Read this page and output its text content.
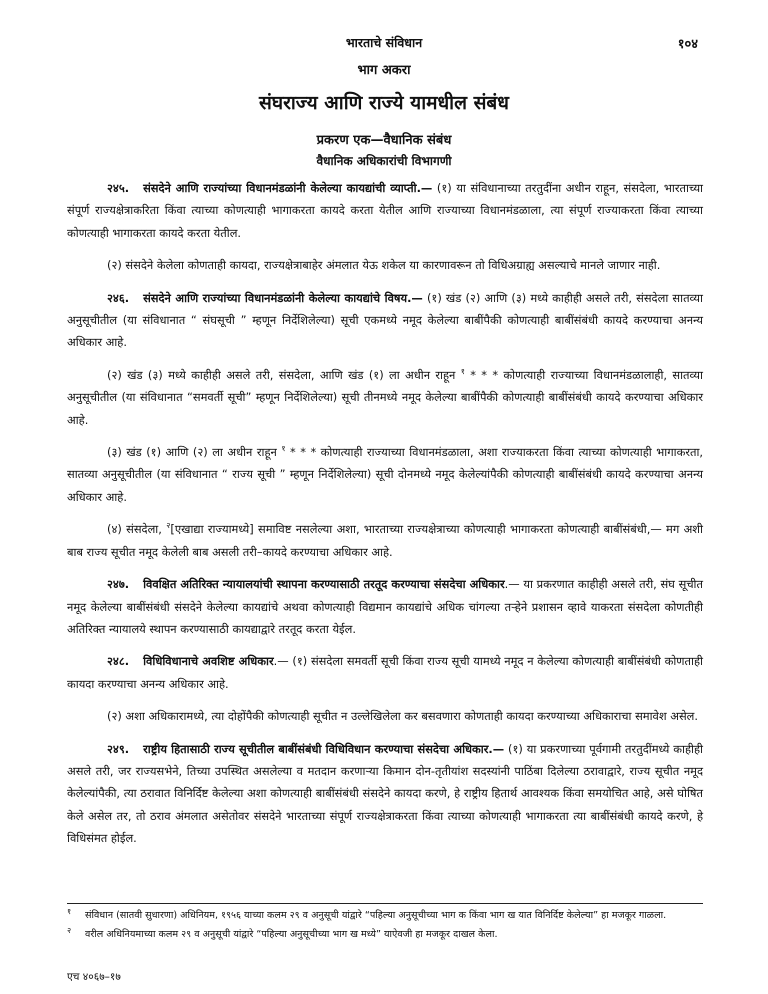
भारताचे संविधान	१०४
भाग अकरा
संघराज्य आणि राज्ये यामधील संबंध
प्रकरण एक—वैधानिक संबंध
वैधानिक अधिकारांची विभागणी

२४५. संसदेने आणि राज्यांच्या विधानमंडळांनी केलेल्या कायद्यांची व्याप्ती.— (१) या संविधानाच्या तरतुदींना अधीन राहून, संसदेला, भारताच्या संपूर्ण राज्यक्षेत्राकरिता किंवा त्याच्या कोणत्याही भागाकरता कायदे करता येतील आणि राज्याच्या विधानमंडळाला, त्या संपूर्ण राज्याकरता किंवा त्याच्या कोणत्याही भागाकरता कायदे करता येतील.

(२) संसदेने केलेला कोणताही कायदा, राज्यक्षेत्राबाहेर अंमलात येऊ शकेल या कारणावरून तो विधिअग्राह्य असल्याचे मानले जाणार नाही.

२४६. संसदेने आणि राज्यांच्या विधानमंडळांनी केलेल्या कायद्यांचे विषय.— (१) खंड (२) आणि (३) मध्ये काहीही असले तरी, संसदेला सातव्या अनुसूचीतील (या संविधानात “ संघसूची ” म्हणून निर्देशिलेल्या) सूची एकमध्ये नमूद केलेल्या बाबींपैकी कोणत्याही बाबींसंबंधी कायदे करण्याचा अनन्य अधिकार आहे.

(२) खंड (३) मध्ये काहीही असले तरी, संसदेला, आणि खंड (१) ला अधीन राहून $^१$ * * * कोणत्याही राज्याच्या विधानमंडळालाही, सातव्या अनुसूचीतील (या संविधानात “समवर्ती सूची” म्हणून निर्देशिलेल्या) सूची तीनमध्ये नमूद केलेल्या बाबींपैकी कोणत्याही बाबींसंबंधी कायदे करण्याचा अधिकार आहे.

(३) खंड (१) आणि (२) ला अधीन राहून $^१$ * * * कोणत्याही राज्याच्या विधानमंडळाला, अशा राज्याकरता किंवा त्याच्या कोणत्याही भागाकरता, सातव्या अनुसूचीतील (या संविधानात “ राज्य सूची ” म्हणून निर्देशिलेल्या) सूची दोनमध्ये नमूद केलेल्यांपैकी कोणत्याही बाबींसंबंधी कायदे करण्याचा अनन्य अधिकार आहे.

(४) संसदेला, $^२$[एखाद्या राज्यामध्ये] समाविष्ट नसलेल्या अशा, भारताच्या राज्यक्षेत्राच्या कोणत्याही भागाकरता कोणत्याही बाबींसंबंधी,— मग अशी बाब राज्य सूचीत नमूद केलेली बाब असली तरी–कायदे करण्याचा अधिकार आहे.

२४७. विवक्षित अतिरिक्त न्यायालयांची स्थापना करण्यासाठी तरतूद करण्याचा संसदेचा अधिकार.— या प्रकरणात काहीही असले तरी, संघ सूचीत नमूद केलेल्या बाबींसंबंधी संसदेने केलेल्या कायद्यांचे अथवा कोणत्याही विद्यमान कायद्यांचे अधिक चांगल्या तऱ्हेने प्रशासन व्हावे याकरता संसदेला कोणतीही अतिरिक्त न्यायालये स्थापन करण्यासाठी कायद्याद्वारे तरतूद करता येईल.

२४८. विधिविधानाचे अवशिष्ट अधिकार.— (१) संसदेला समवर्ती सूची किंवा राज्य सूची यामध्ये नमूद न केलेल्या कोणत्याही बाबींसंबंधी कोणताही कायदा करण्याचा अनन्य अधिकार आहे.

(२) अशा अधिकारामध्ये, त्या दोहोंपैकी कोणत्याही सूचीत न उल्लेखिलेला कर बसवणारा कोणताही कायदा करण्याच्या अधिकाराचा समावेश असेल.

२४९. राष्ट्रीय हितासाठी राज्य सूचीतील बाबींसंबंधी विधिविधान करण्याचा संसदेचा अधिकार.— (१) या प्रकरणाच्या पूर्वगामी तरतुदींमध्ये काहीही असले तरी, जर राज्यसभेने, तिच्या उपस्थित असलेल्या व मतदान करणाऱ्या किमान दोन-तृतीयांश सदस्यांनी पाठिंबा दिलेल्या ठरावाद्वारे, राज्य सूचीत नमूद केलेल्यांपैकी, त्या ठरावात विनिर्दिष्ट केलेल्या अशा कोणत्याही बाबींसंबंधी संसदेने कायदा करणे, हे राष्ट्रीय हितार्थ आवश्यक किंवा समयोचित आहे, असे घोषित केले असेल तर, तो ठराव अंमलात असेतोवर संसदेने भारताच्या संपूर्ण राज्यक्षेत्राकरता किंवा त्याच्या कोणत्याही भागाकरता त्या बाबींसंबंधी कायदे करणे, हे विधिसंमत होईल.

१ संविधान (सातवी सुधारणा) अधिनियम, १९५६ याच्या कलम २९ व अनुसूची यांद्वारे “पहिल्या अनुसूचीच्या भाग क किंवा भाग ख यात विनिर्दिष्ट केलेल्या” हा मजकूर गाळला.

२ वरील अधिनियमाच्या कलम २९ व अनुसूची यांद्वारे “पहिल्या अनुसूचीच्या भाग ख मध्ये” याऐवजी हा मजकूर दाखल केला.

एच ४०६७–१७
